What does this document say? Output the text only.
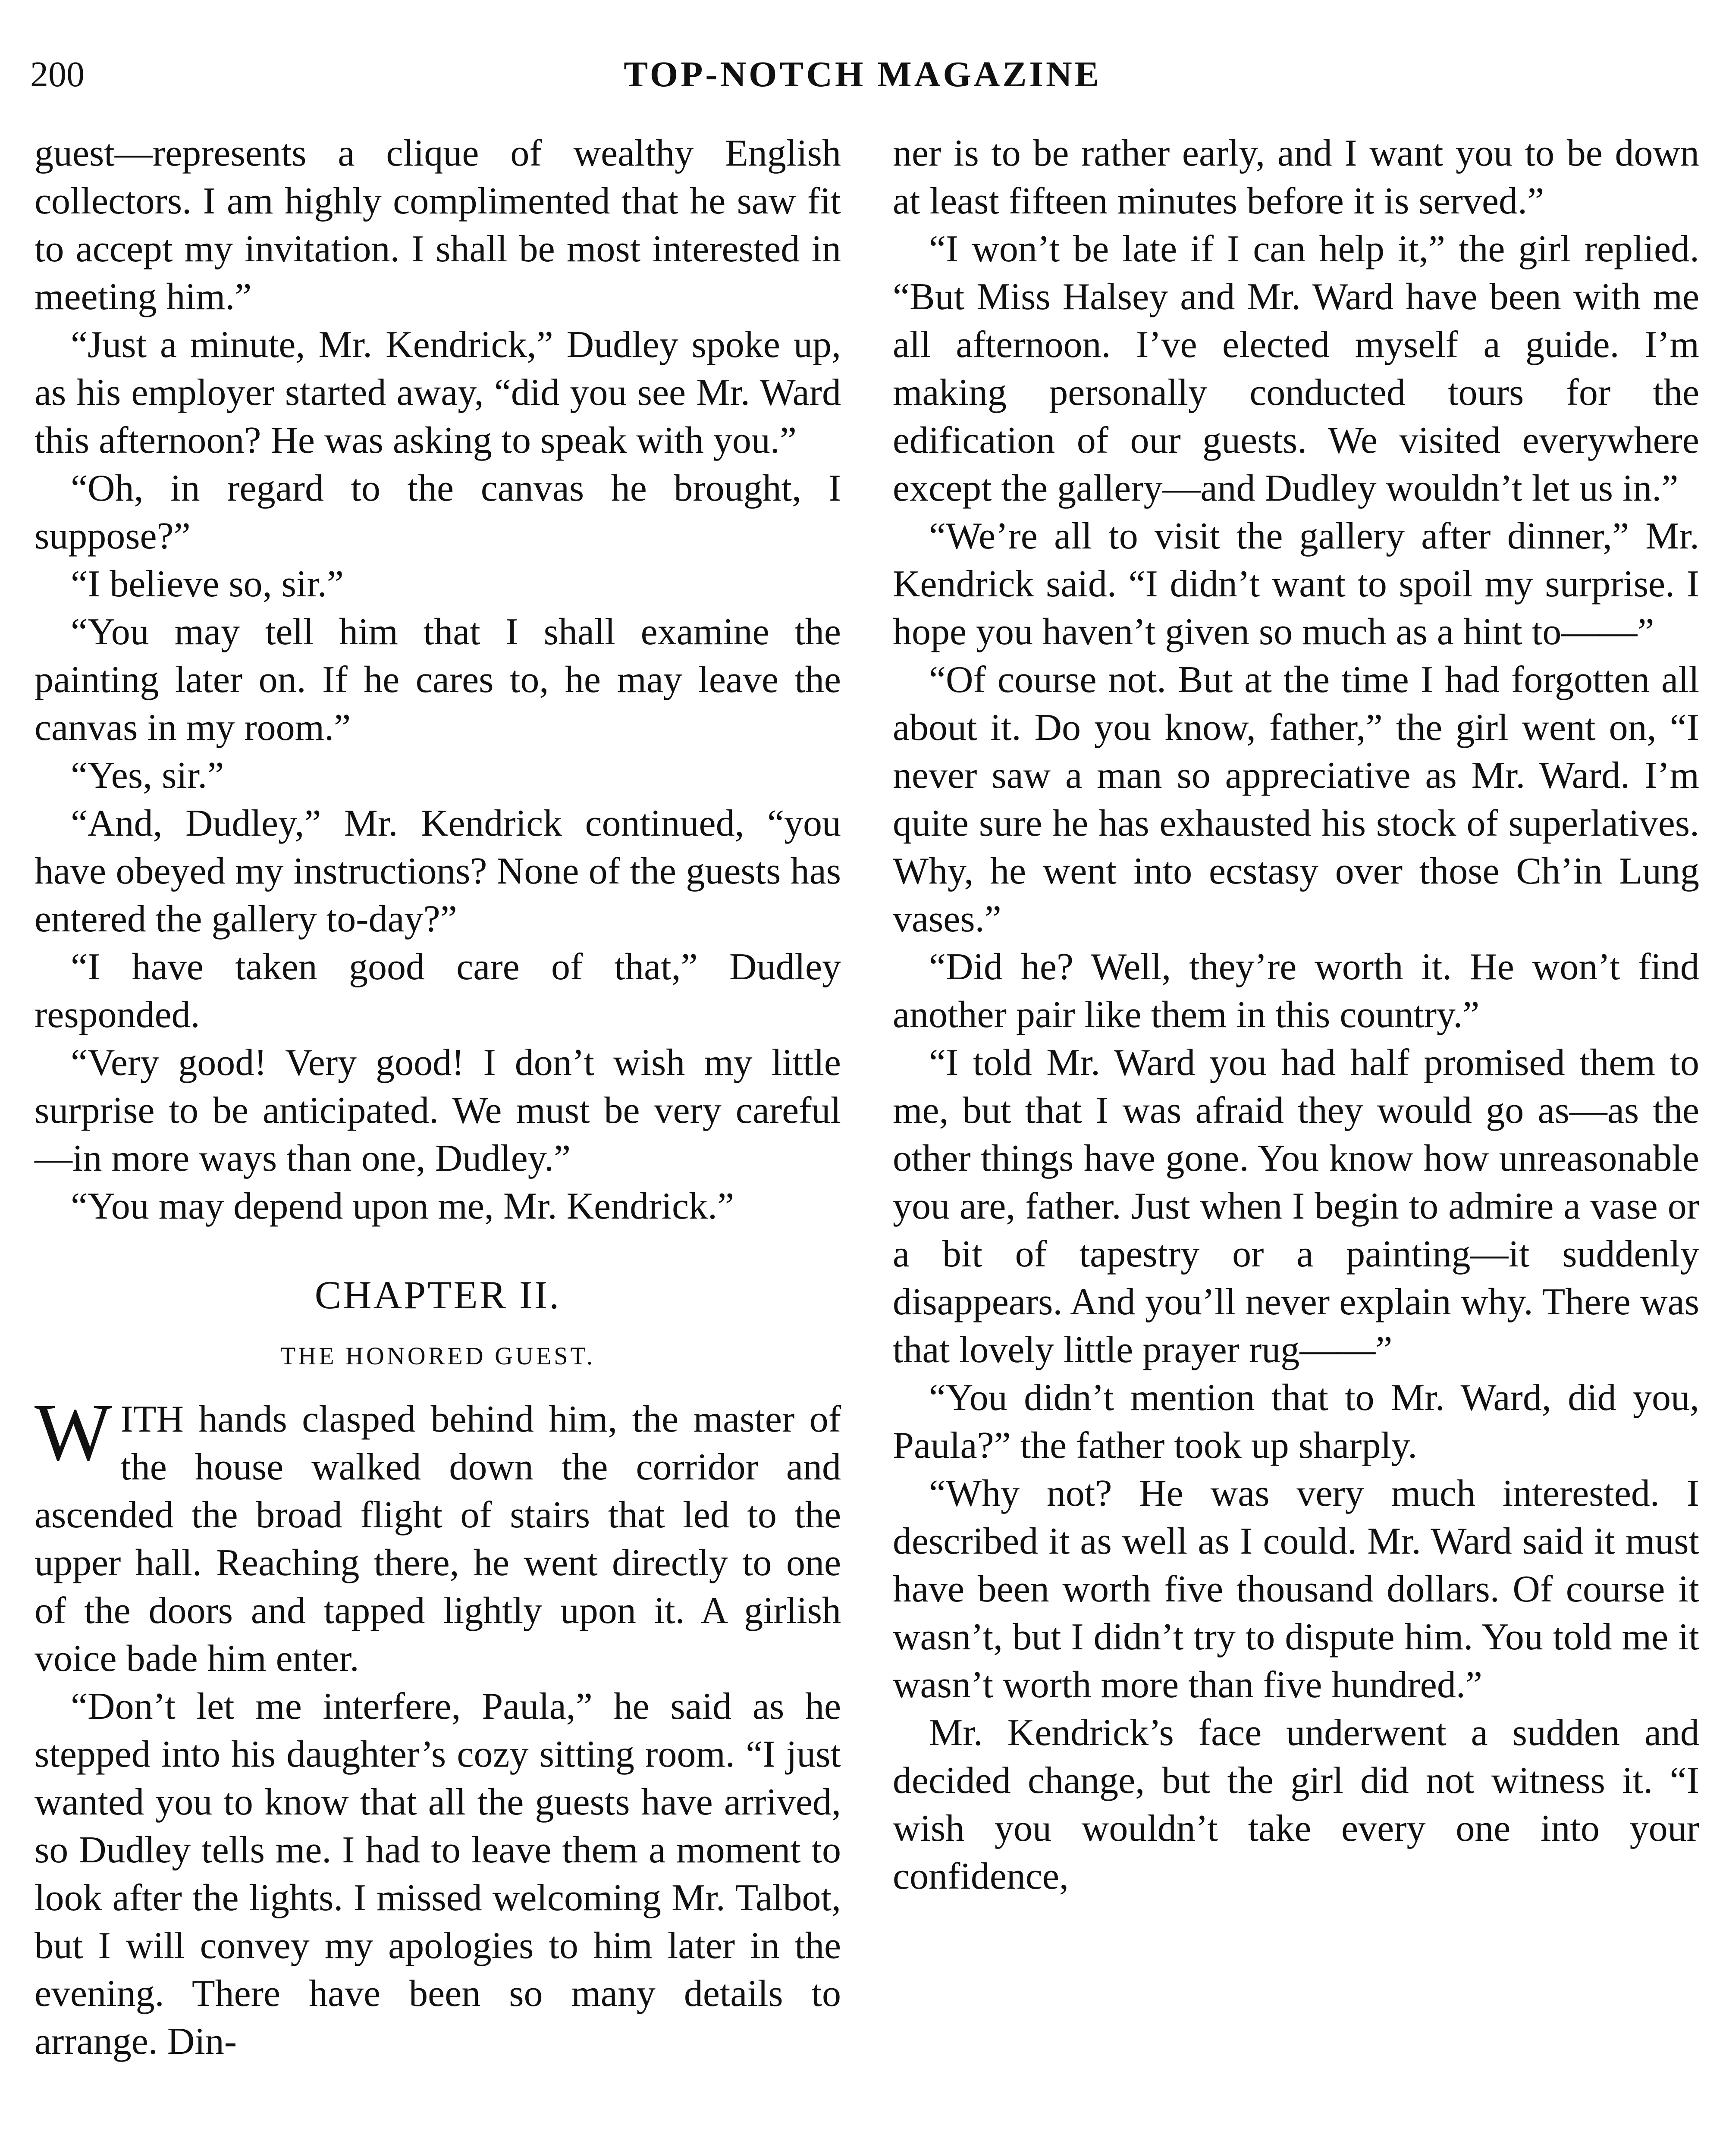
200	TOP-NOTCH MAGAZINE

guest—represents a clique of wealthy English collectors. I am highly complimented that he saw fit to accept my invitation. I shall be most interested in meeting him.”

“Just a minute, Mr. Kendrick,” Dudley spoke up, as his employer started away, “did you see Mr. Ward this afternoon? He was asking to speak with you.”

“Oh, in regard to the canvas he brought, I suppose?”

“I believe so, sir.”

“You may tell him that I shall examine the painting later on. If he cares to, he may leave the canvas in my room.”

“Yes, sir.”

“And, Dudley,” Mr. Kendrick continued, “you have obeyed my instructions? None of the guests has entered the gallery to-day?”

“I have taken good care of that,” Dudley responded.

“Very good! Very good! I don’t wish my little surprise to be anticipated. We must be very careful—in more ways than one, Dudley.”

“You may depend upon me, Mr. Kendrick.”

CHAPTER II.
THE HONORED GUEST.

WITH hands clasped behind him, the master of the house walked down the corridor and ascended the broad flight of stairs that led to the upper hall. Reaching there, he went directly to one of the doors and tapped lightly upon it. A girlish voice bade him enter.

“Don’t let me interfere, Paula,” he said as he stepped into his daughter’s cozy sitting room. “I just wanted you to know that all the guests have arrived, so Dudley tells me. I had to leave them a moment to look after the lights. I missed welcoming Mr. Talbot, but I will convey my apologies to him later in the evening. There have been so many details to arrange. Din-

ner is to be rather early, and I want you to be down at least fifteen minutes before it is served.”

“I won’t be late if I can help it,” the girl replied. “But Miss Halsey and Mr. Ward have been with me all afternoon. I’ve elected myself a guide. I’m making personally conducted tours for the edification of our guests. We visited everywhere except the gallery—and Dudley wouldn’t let us in.”

“We’re all to visit the gallery after dinner,” Mr. Kendrick said. “I didn’t want to spoil my surprise. I hope you haven’t given so much as a hint to——”

“Of course not. But at the time I had forgotten all about it. Do you know, father,” the girl went on, “I never saw a man so appreciative as Mr. Ward. I’m quite sure he has exhausted his stock of superlatives. Why, he went into ecstasy over those Ch’in Lung vases.”

“Did he? Well, they’re worth it. He won’t find another pair like them in this country.”

“I told Mr. Ward you had half promised them to me, but that I was afraid they would go as—as the other things have gone. You know how unreasonable you are, father. Just when I begin to admire a vase or a bit of tapestry or a painting—it suddenly disappears. And you’ll never explain why. There was that lovely little prayer rug——”

“You didn’t mention that to Mr. Ward, did you, Paula?” the father took up sharply.

“Why not? He was very much interested. I described it as well as I could. Mr. Ward said it must have been worth five thousand dollars. Of course it wasn’t, but I didn’t try to dispute him. You told me it wasn’t worth more than five hundred.”

Mr. Kendrick’s face underwent a sudden and decided change, but the girl did not witness it. “I wish you wouldn’t take every one into your confidence,
